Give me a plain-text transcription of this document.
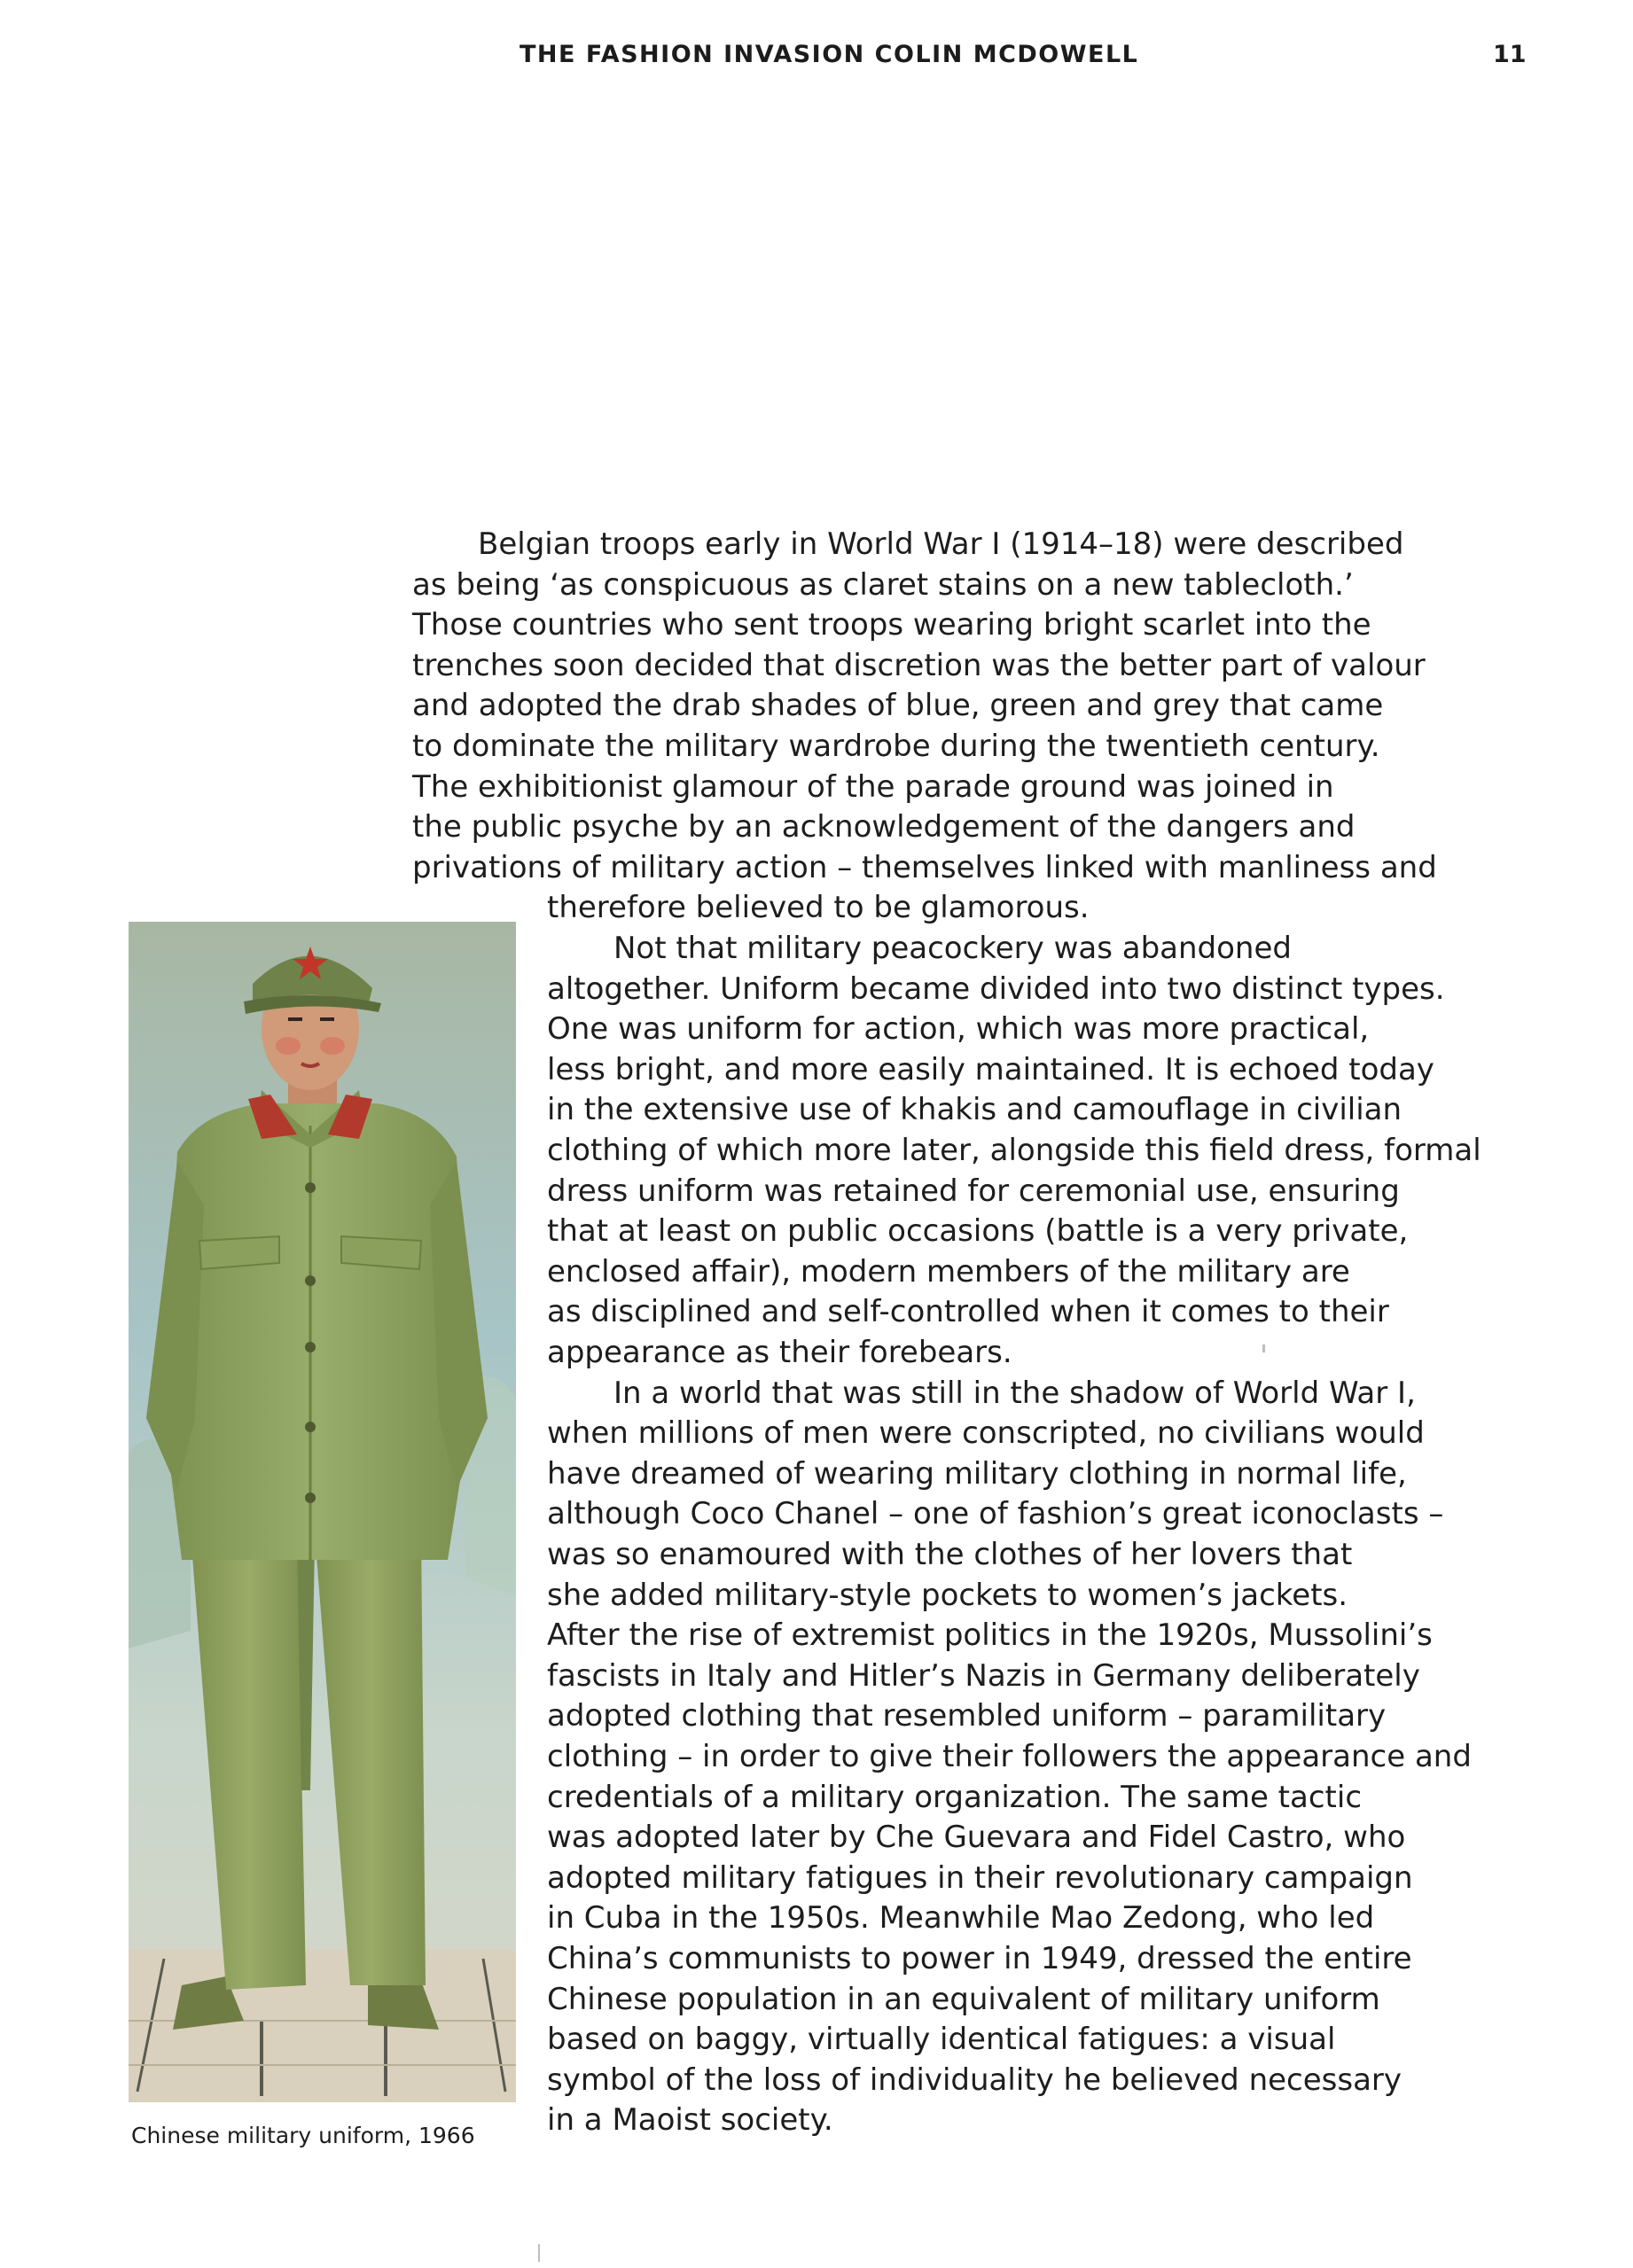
THE FASHION INVASION COLIN MCDOWELL	11
Belgian troops early in World War I (1914–18) were described
as being ‘as conspicuous as claret stains on a new tablecloth.’
Those countries who sent troops wearing bright scarlet into the
trenches soon decided that discretion was the better part of valour
and adopted the drab shades of blue, green and grey that came
to dominate the military wardrobe during the twentieth century.
The exhibitionist glamour of the parade ground was joined in
the public psyche by an acknowledgement of the dangers and
privations of military action – themselves linked with manliness and
therefore believed to be glamorous.
Not that military peacockery was abandoned
altogether. Uniform became divided into two distinct types.
One was uniform for action, which was more practical,
less bright, and more easily maintained. It is echoed today
in the extensive use of khakis and camouflage in civilian
clothing of which more later, alongside this field dress, formal
dress uniform was retained for ceremonial use, ensuring
that at least on public occasions (battle is a very private,
enclosed affair), modern members of the military are
as disciplined and self-controlled when it comes to their
appearance as their forebears.
In a world that was still in the shadow of World War I,
when millions of men were conscripted, no civilians would
have dreamed of wearing military clothing in normal life,
although Coco Chanel – one of fashion’s great iconoclasts –
was so enamoured with the clothes of her lovers that
she added military-style pockets to women’s jackets.
After the rise of extremist politics in the 1920s, Mussolini’s
fascists in Italy and Hitler’s Nazis in Germany deliberately
adopted clothing that resembled uniform – paramilitary
clothing – in order to give their followers the appearance and
credentials of a military organization. The same tactic
was adopted later by Che Guevara and Fidel Castro, who
adopted military fatigues in their revolutionary campaign
in Cuba in the 1950s. Meanwhile Mao Zedong, who led
China’s communists to power in 1949, dressed the entire
Chinese population in an equivalent of military uniform
based on baggy, virtually identical fatigues: a visual
symbol of the loss of individuality he believed necessary
in a Maoist society.
Chinese military uniform, 1966
